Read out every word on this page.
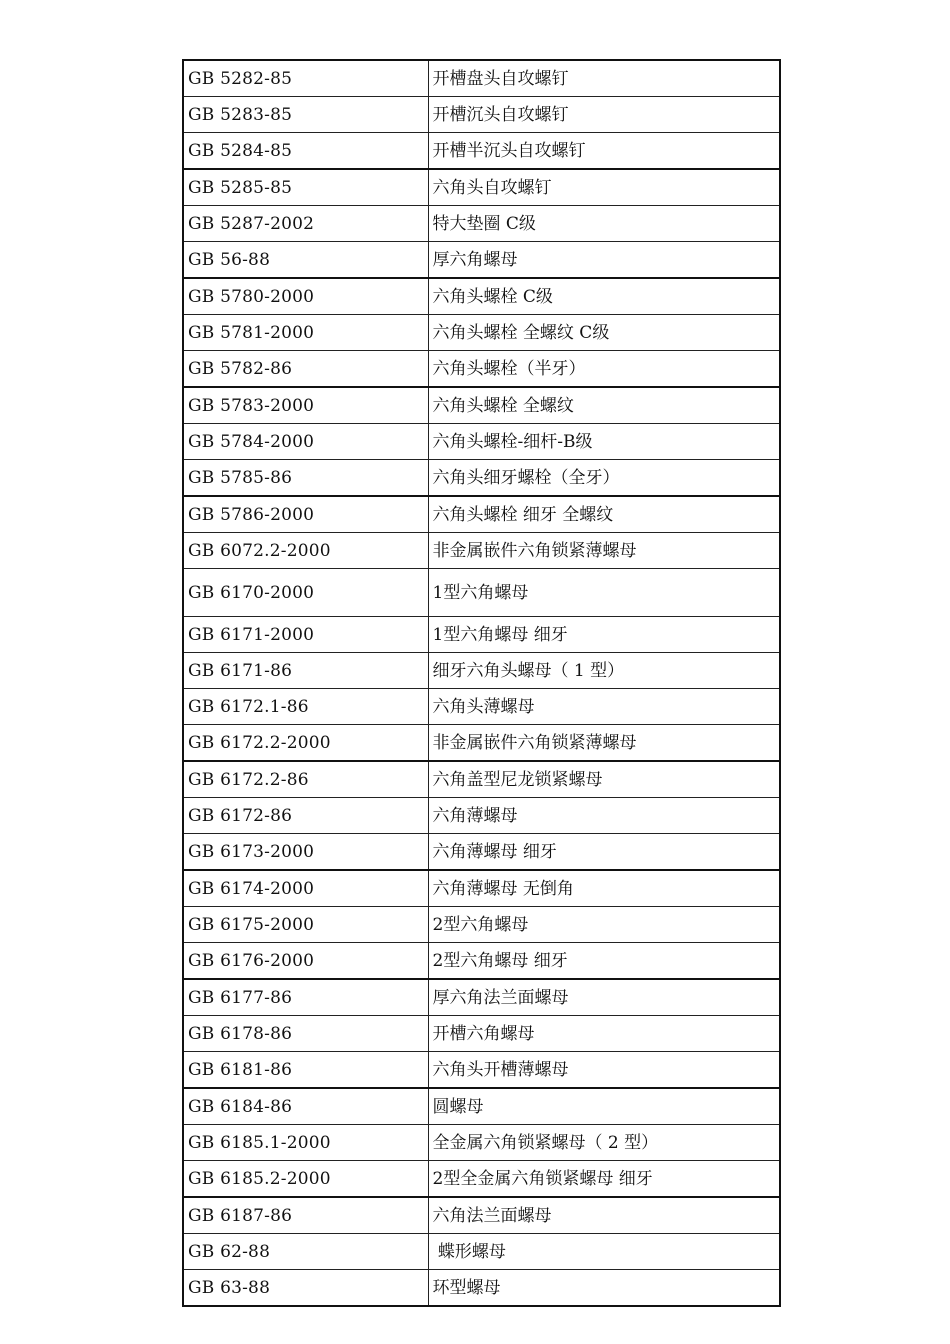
GB 5282-85	开槽盘头自攻螺钉
GB 5283-85	开槽沉头自攻螺钉
GB 5284-85	开槽半沉头自攻螺钉
GB 5285-85	六角头自攻螺钉
GB 5287-2002	特大垫圈 C级
GB 56-88	厚六角螺母
GB 5780-2000	六角头螺栓 C级
GB 5781-2000	六角头螺栓 全螺纹 C级
GB 5782-86	六角头螺栓（半牙）
GB 5783-2000	六角头螺栓 全螺纹
GB 5784-2000	六角头螺栓-细杆-B级
GB 5785-86	六角头细牙螺栓（全牙）
GB 5786-2000	六角头螺栓 细牙 全螺纹
GB 6072.2-2000	非金属嵌件六角锁紧薄螺母
GB 6170-2000	1型六角螺母
GB 6171-2000	1型六角螺母 细牙
GB 6171-86	细牙六角头螺母（ 1 型）
GB 6172.1-86	六角头薄螺母
GB 6172.2-2000	非金属嵌件六角锁紧薄螺母
GB 6172.2-86	六角盖型尼龙锁紧螺母
GB 6172-86	六角薄螺母
GB 6173-2000	六角薄螺母 细牙
GB 6174-2000	六角薄螺母 无倒角
GB 6175-2000	2型六角螺母
GB 6176-2000	2型六角螺母 细牙
GB 6177-86	厚六角法兰面螺母
GB 6178-86	开槽六角螺母
GB 6181-86	六角头开槽薄螺母
GB 6184-86	圆螺母
GB 6185.1-2000	全金属六角锁紧螺母（ 2 型）
GB 6185.2-2000	2型全金属六角锁紧螺母 细牙
GB 6187-86	六角法兰面螺母
GB 62-88	蝶形螺母
GB 63-88	环型螺母
